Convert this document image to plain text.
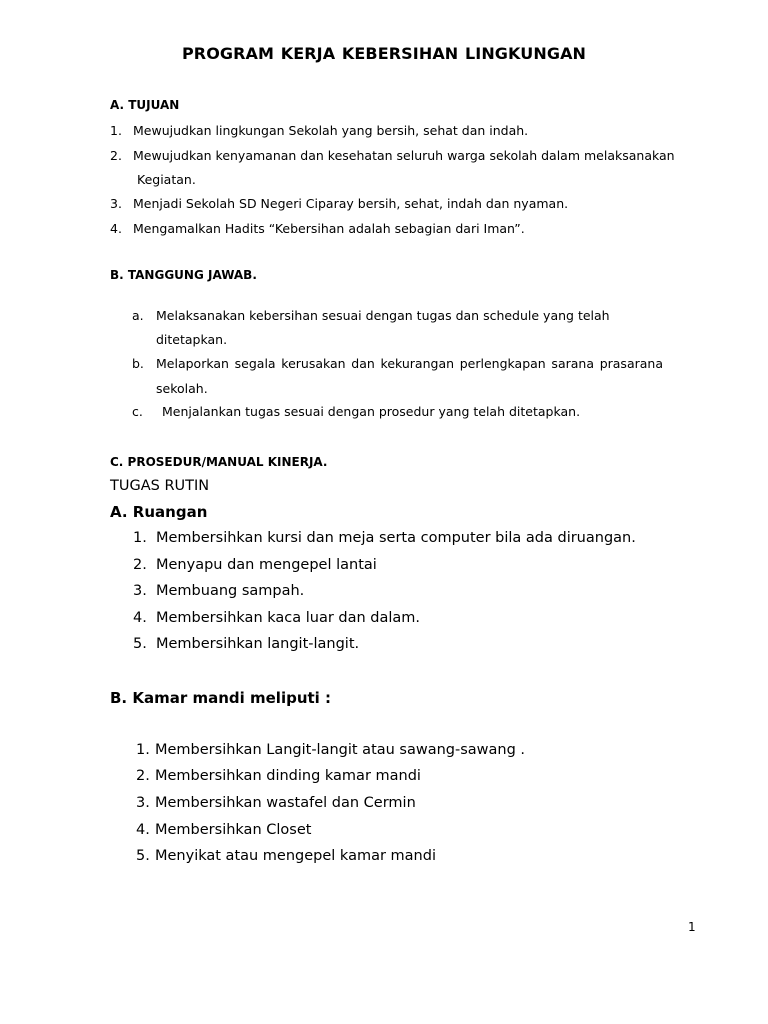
PROGRAM KERJA KEBERSIHAN LINGKUNGAN
A. TUJUAN
1. Mewujudkan lingkungan Sekolah yang bersih, sehat dan indah.
2. Mewujudkan kenyamanan dan kesehatan seluruh warga sekolah dalam melaksanakan
Kegiatan.
3. Menjadi Sekolah SD Negeri Ciparay bersih, sehat, indah dan nyaman.
4. Mengamalkan Hadits “Kebersihan adalah sebagian dari Iman”.
B. TANGGUNG JAWAB.
a. Melaksanakan kebersihan sesuai dengan tugas dan schedule yang telah
ditetapkan.
b. Melaporkan segala kerusakan dan kekurangan perlengkapan sarana prasarana
sekolah.
c. Menjalankan tugas sesuai dengan prosedur yang telah ditetapkan.
C. PROSEDUR/MANUAL KINERJA.
TUGAS RUTIN
A. Ruangan
1. Membersihkan kursi dan meja serta computer bila ada diruangan.
2. Menyapu dan mengepel lantai
3. Membuang sampah.
4. Membersihkan kaca luar dan dalam.
5. Membersihkan langit-langit.
B. Kamar mandi meliputi :
1. Membersihkan Langit-langit atau sawang-sawang .
2. Membersihkan dinding kamar mandi
3. Membersihkan wastafel dan Cermin
4. Membersihkan Closet
5. Menyikat atau mengepel kamar mandi
1
